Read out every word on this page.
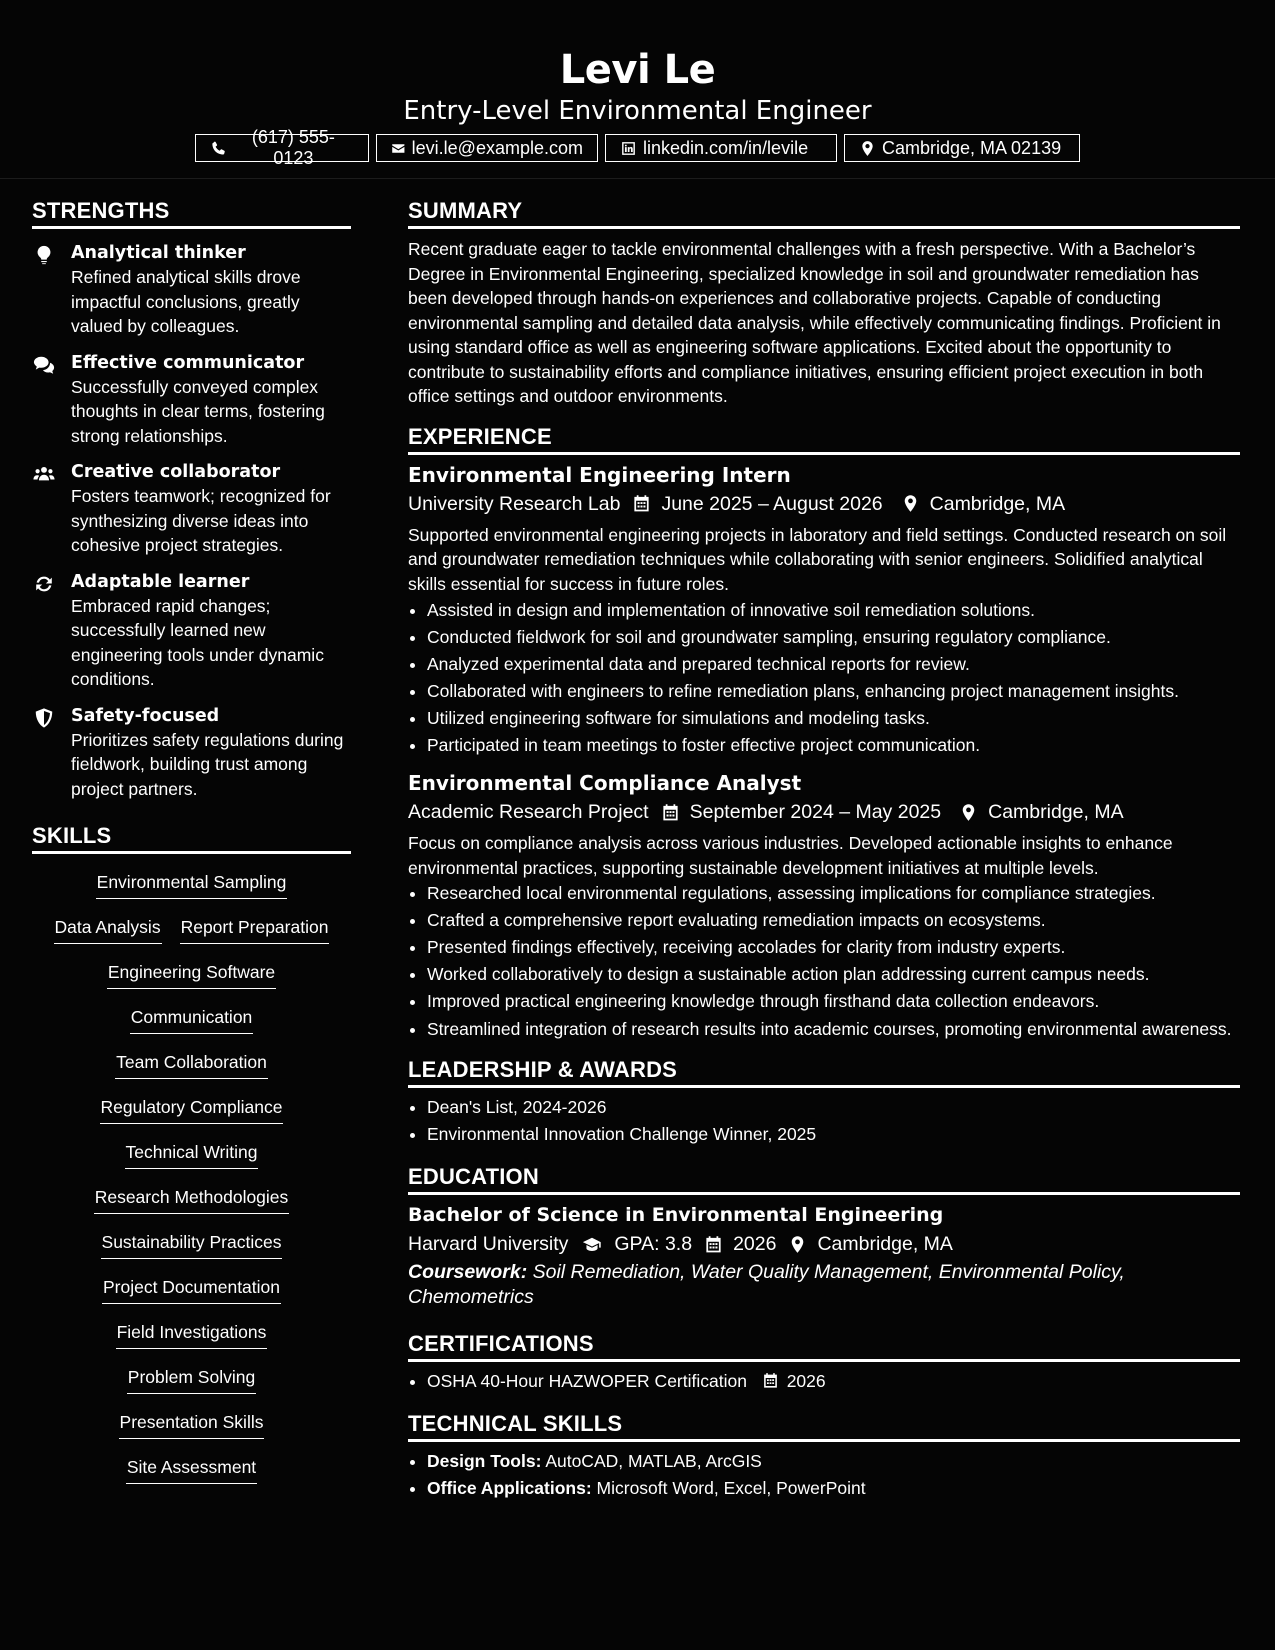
Levi Le
Entry-Level Environmental Engineer
(617) 555-0123
levi.le@example.com	linkedin.com/in/levile	Cambridge, MA 02139
STRENGTHS
Analytical thinker
Refined analytical skills drove impactful conclusions, greatly valued by colleagues.
Effective communicator
Successfully conveyed complex thoughts in clear terms, fostering strong relationships.
Creative collaborator
Fosters teamwork; recognized for synthesizing diverse ideas into cohesive project strategies.
Adaptable learner
Embraced rapid changes; successfully learned new engineering tools under dynamic conditions.
Safety-focused
Prioritizes safety regulations during fieldwork, building trust among project partners.
SKILLS
Environmental Sampling
Data Analysis Report Preparation
Engineering Software
Communication
Team Collaboration
Regulatory Compliance
Technical Writing
Research Methodologies
Sustainability Practices
Project Documentation
Field Investigations
Problem Solving
Presentation Skills
Site Assessment
SUMMARY

Recent graduate eager to tackle environmental challenges with a fresh perspective. With a Bachelor’s Degree in Environmental Engineering, specialized knowledge in soil and groundwater remediation has been developed through hands-on experiences and collaborative projects. Capable of conducting environmental sampling and detailed data analysis, while effectively communicating findings. Proficient in using standard office as well as engineering software applications. Excited about the opportunity to contribute to sustainability efforts and compliance initiatives, ensuring efficient project execution in both office settings and outdoor environments.

EXPERIENCE
Environmental Engineering Intern
University Research Lab June 2025 – August 2026 Cambridge, MA

Supported environmental engineering projects in laboratory and field settings. Conducted research on soil and groundwater remediation techniques while collaborating with senior engineers. Solidified analytical skills essential for success in future roles.

• Assisted in design and implementation of innovative soil remediation solutions.
• Conducted fieldwork for soil and groundwater sampling, ensuring regulatory compliance.
• Analyzed experimental data and prepared technical reports for review.
• Collaborated with engineers to refine remediation plans, enhancing project management insights.
• Utilized engineering software for simulations and modeling tasks.
• Participated in team meetings to foster effective project communication.
Environmental Compliance Analyst
Academic Research Project September 2024 – May 2025 Cambridge, MA

Focus on compliance analysis across various industries. Developed actionable insights to enhance environmental practices, supporting sustainable development initiatives at multiple levels.

• Researched local environmental regulations, assessing implications for compliance strategies.
• Crafted a comprehensive report evaluating remediation impacts on ecosystems.
• Presented findings effectively, receiving accolades for clarity from industry experts.
• Worked collaboratively to design a sustainable action plan addressing current campus needs.
• Improved practical engineering knowledge through firsthand data collection endeavors.
• Streamlined integration of research results into academic courses, promoting environmental awareness.
LEADERSHIP & AWARDS
• Dean's List, 2024-2026
• Environmental Innovation Challenge Winner, 2025
EDUCATION
Bachelor of Science in Environmental Engineering
Harvard University GPA: 3.8 2026 Cambridge, MA
Coursework: Soil Remediation, Water Quality Management, Environmental Policy, Chemometrics
CERTIFICATIONS
• OSHA 40-Hour HAZWOPER Certification 2026
TECHNICAL SKILLS
• Design Tools: AutoCAD, MATLAB, ArcGIS
• Office Applications: Microsoft Word, Excel, PowerPoint
